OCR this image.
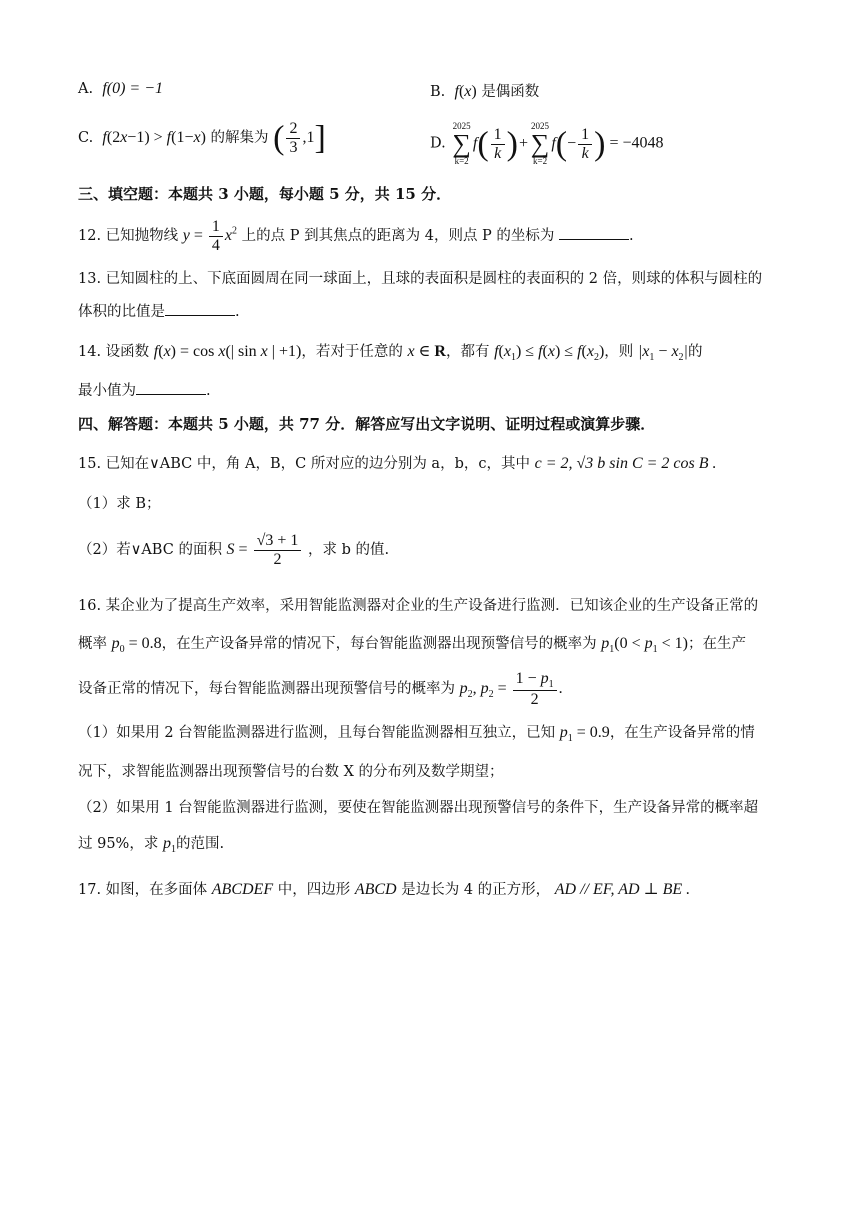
A. f(0) = −1	B. f(x) 是偶函数
C. f(2x−1) > f(1−x) 的解集为 ( $\frac{2}{3} ,1$]	D.
2025
∑
k=2
$f( \frac{1}{k}$ )+
2025
∑
k=2
$f(- \frac{1}{k}$ ) = −4048
三、填空题：本题共 3 小题，每小题 5 分，共 15 分．
12. 已知抛物线 $y = \frac{1}{4} x^2$ 上的点 P 到其焦点的距离为 4，则点 P 的坐标为	.
13. 已知圆柱的上、下底面圆周在同一球面上，且球的表面积是圆柱的表面积的 2 倍，则球的体积与圆柱的
体积的比值是	.
14. 设函数 f(x) = cos x(| sin x | +1)，若对于任意的 x ∈ R，都有 $f(x_1) \le f(x) \le f(x_2)$，则 $|x_1 - x_2|$的
最小值为	.
四、解答题：本题共 5 小题，共 77 分．解答应写出文字说明、证明过程或演算步骤．
15. 已知在∨ABC 中，角 A，B，C 所对应的边分别为 a，b，c，其中 c = 2, √3 b sin C = 2 cos B .
（1）求 B；
（2）若∨ABC 的面积 $S = \frac{√3 + 1}{2}$ ，求 b 的值.
16. 某企业为了提高生产效率，采用智能监测器对企业的生产设备进行监测．已知该企业的生产设备正常的
概率 $p_0 = 0.8$，在生产设备异常的情况下，每台智能监测器出现预警信号的概率为 $p_1(0 < p_1 < 1)$；在生产
设备正常的情况下，每台智能监测器出现预警信号的概率为 $p_2$, $p_2 = \frac{1 - p_1}{2}$ .
（1）如果用 2 台智能监测器进行监测，且每台智能监测器相互独立，已知 $p_1 = 0.9$，在生产设备异常的情
况下，求智能监测器出现预警信号的台数 X 的分布列及数学期望；
（2）如果用 1 台智能监测器进行监测，要使在智能监测器出现预警信号的条件下，生产设备异常的概率超
过 95%，求 $p_1$的范围.
17. 如图，在多面体 ABCDEF 中，四边形 ABCD 是边长为 4 的正方形， AD // EF, AD ⊥ BE .
